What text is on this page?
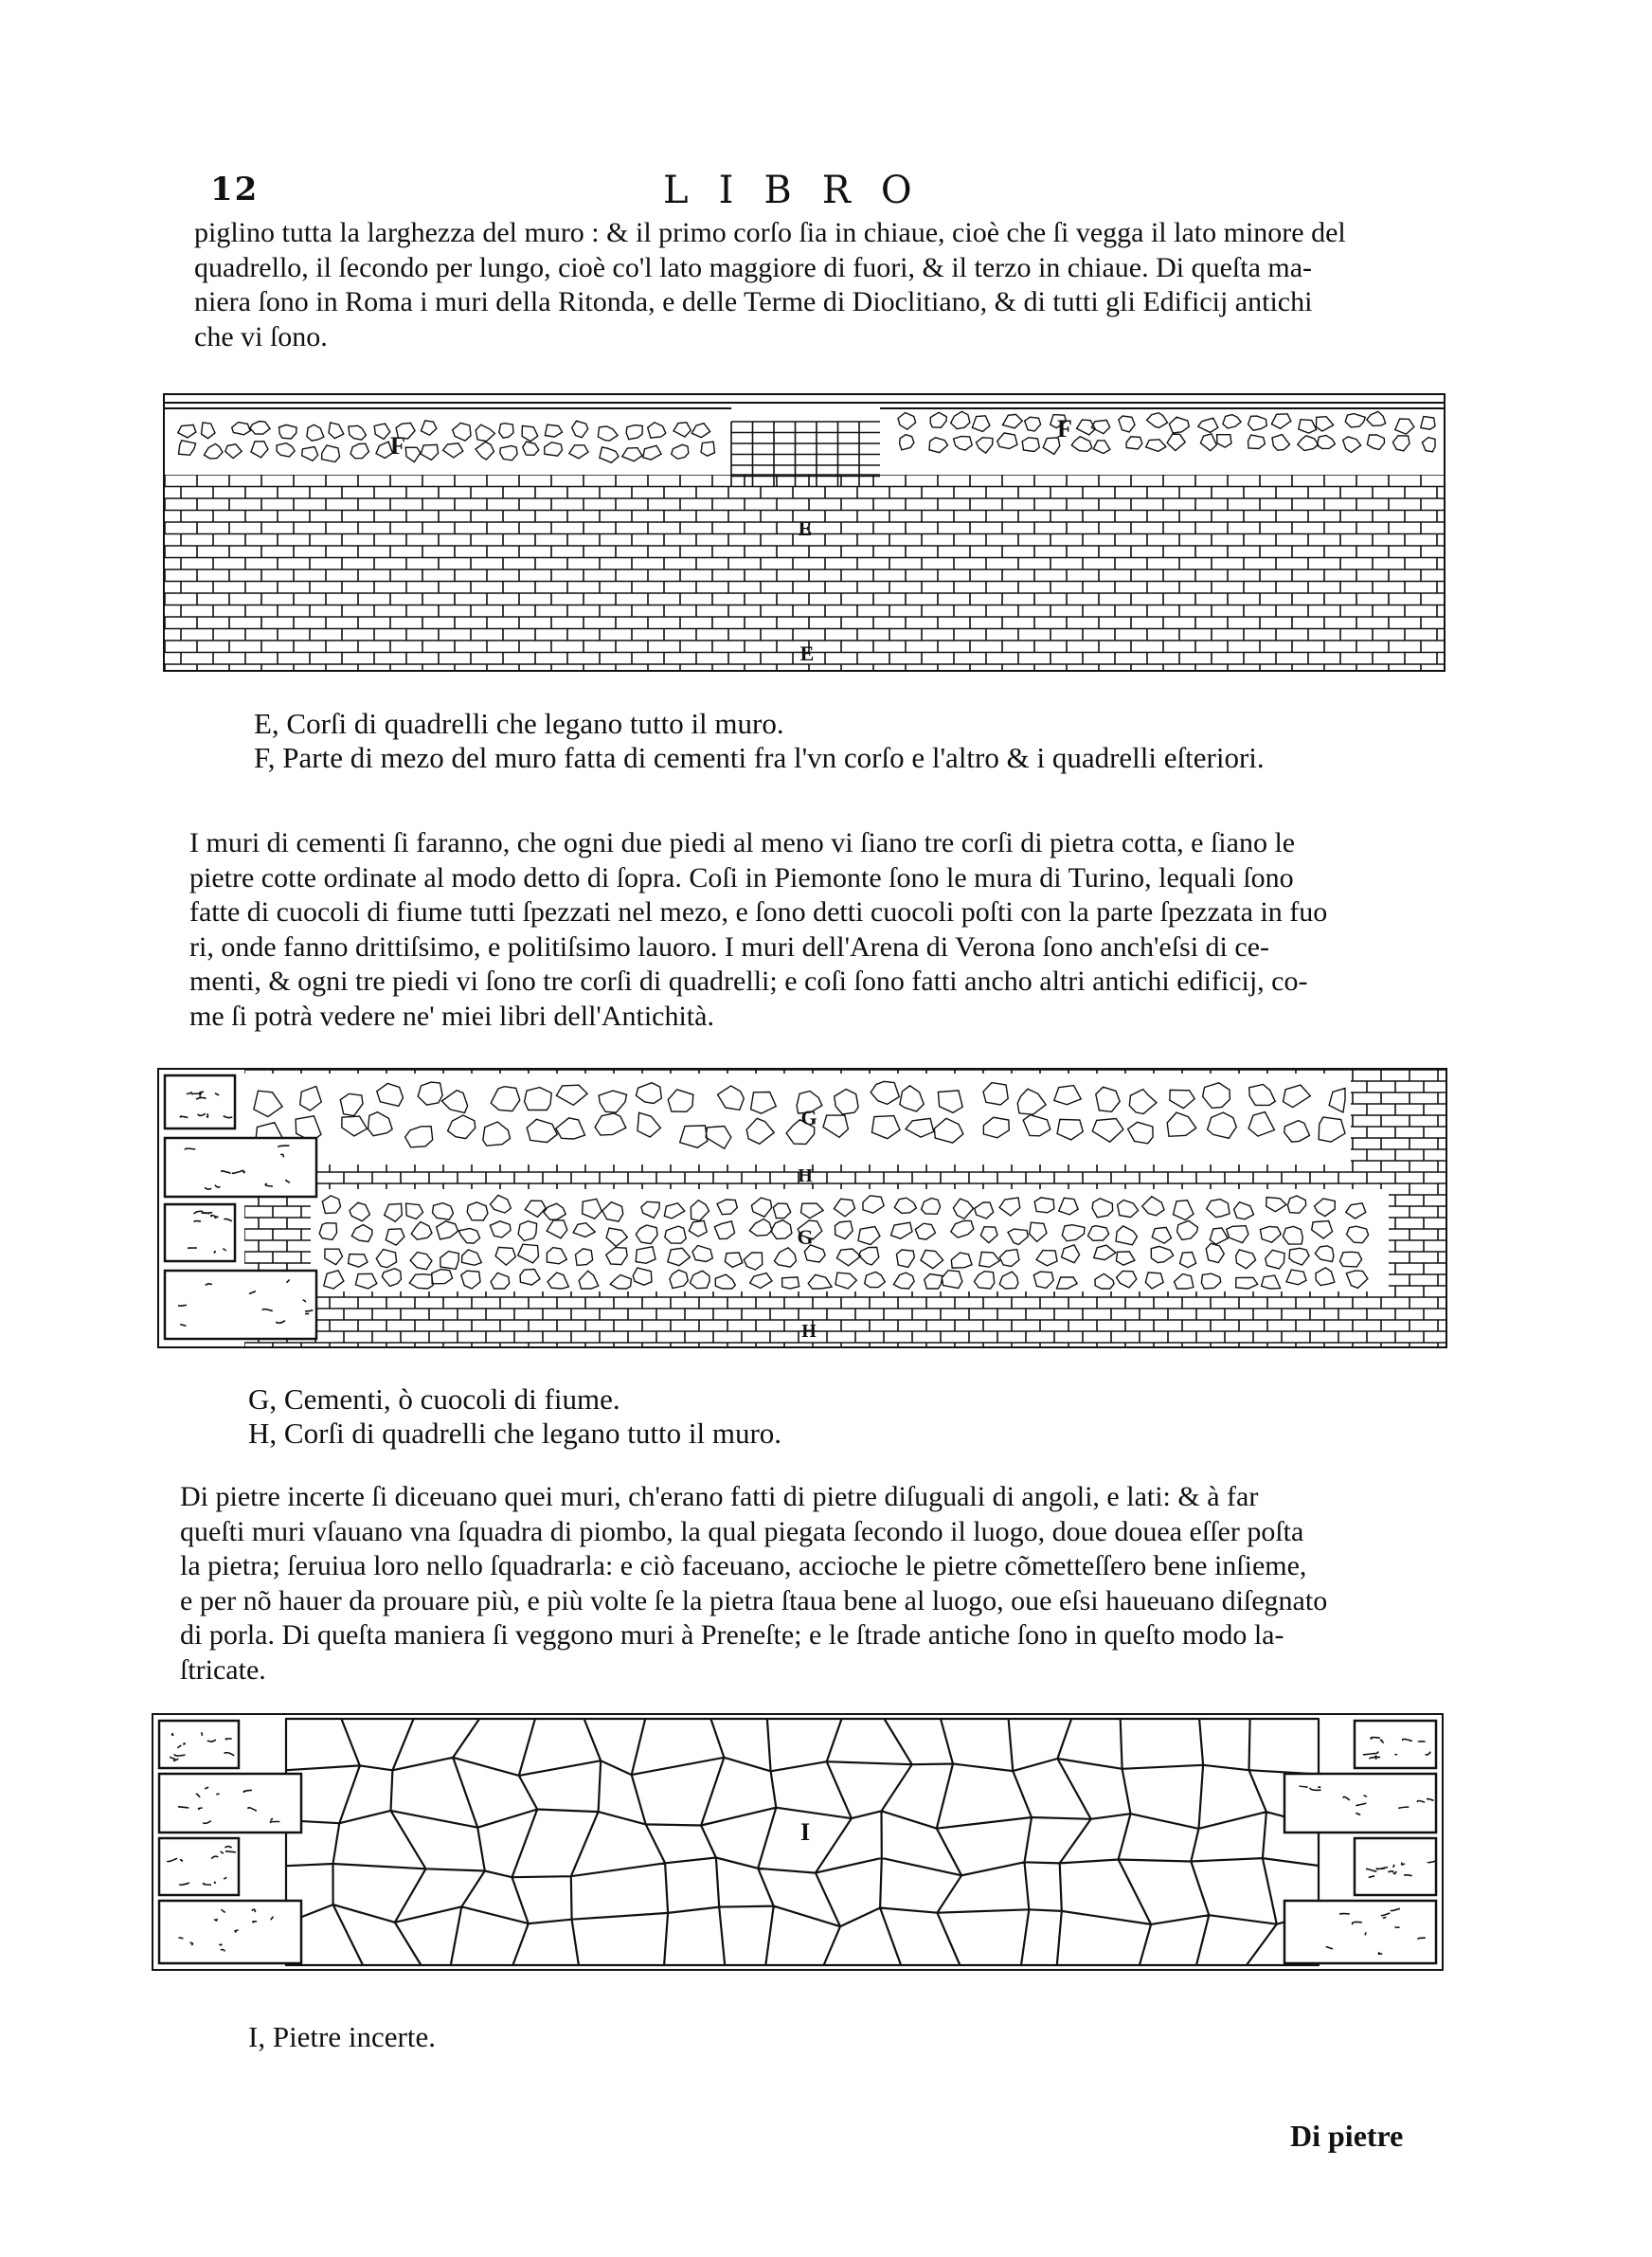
12	LIBRO
piglino tutta la larghezza del muro : & il primo corſo ſia in chiaue, cioè che ſi vegga il lato minore del
quadrello, il ſecondo per lungo, cioè co'l lato maggiore di fuori, & il terzo in chiaue. Di queſta ma-
niera ſono in Roma i muri della Ritonda, e delle Terme di Dioclitiano, & di tutti gli Edificij antichi
che vi ſono.
F
F
E
E
E, Corſi di quadrelli che legano tutto il muro.
F, Parte di mezo del muro fatta di cementi fra l'vn corſo e l'altro & i quadrelli eſteriori.
I muri di cementi ſi faranno, che ogni due piedi al meno vi ſiano tre corſi di pietra cotta, e ſiano le
pietre cotte ordinate al modo detto di ſopra. Coſi in Piemonte ſono le mura di Turino, lequali ſono
fatte di cuocoli di fiume tutti ſpezzati nel mezo, e ſono detti cuocoli poſti con la parte ſpezzata in fuo
ri, onde fanno drittiſsimo, e politiſsimo lauoro. I muri dell'Arena di Verona ſono anch'eſsi di ce-
menti, & ogni tre piedi vi ſono tre corſi di quadrelli; e coſi ſono fatti ancho altri antichi edificij, co-
me ſi potrà vedere ne' miei libri dell'Antichità.
G
H
G
H
G, Cementi, ò cuocoli di fiume.
H, Corſi di quadrelli che legano tutto il muro.
Di pietre incerte ſi diceuano quei muri, ch'erano fatti di pietre diſuguali di angoli, e lati: & à far
queſti muri vſauano vna ſquadra di piombo, la qual piegata ſecondo il luogo, doue douea eſſer poſta
la pietra; ſeruiua loro nello ſquadrarla: e ciò faceuano, accioche le pietre cõmetteſſero bene inſieme,
e per nõ hauer da prouare più, e più volte ſe la pietra ſtaua bene al luogo, oue eſsi haueuano diſegnato
di porla. Di queſta maniera ſi veggono muri à Preneſte; e le ſtrade antiche ſono in queſto modo la-
ſtricate.
I
I, Pietre incerte.
Di pietre
